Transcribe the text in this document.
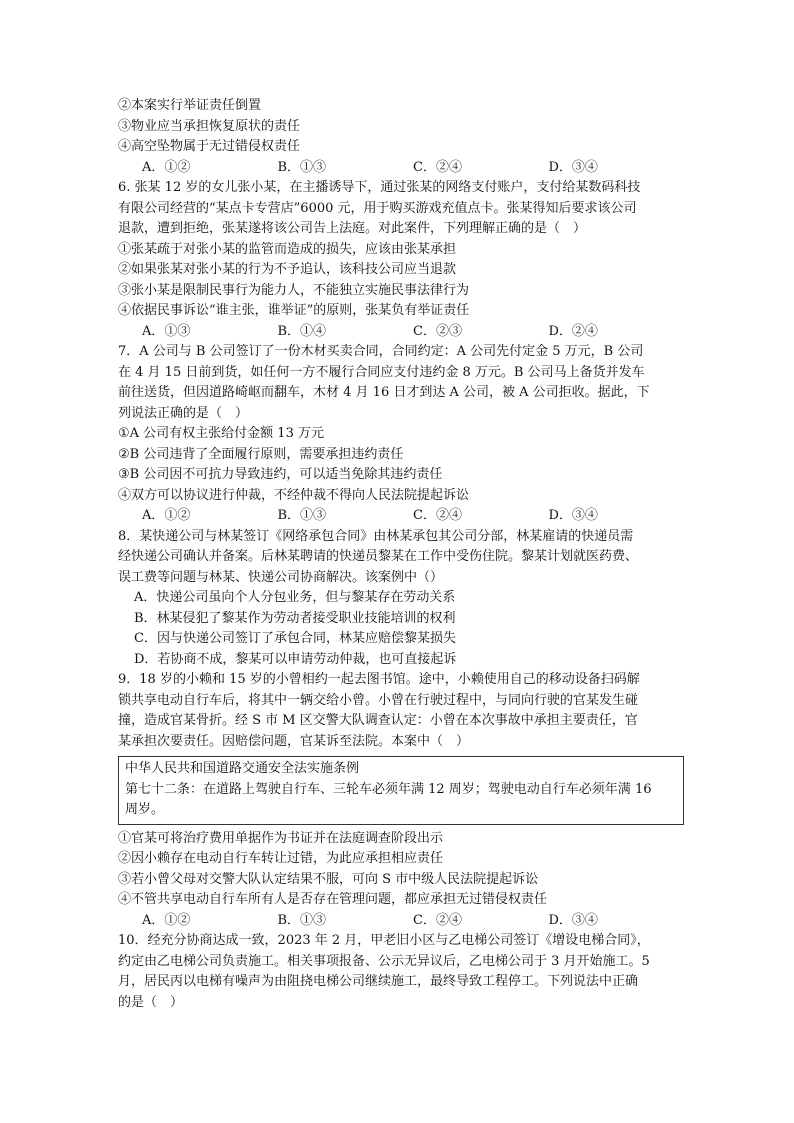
②本案实行举证责任倒置
③物业应当承担恢复原状的责任
④高空坠物属于无过错侵权责任
A．①②	B．①③	C．②④	D．③④
6. 张某 12 岁的女儿张小某，在主播诱导下，通过张某的网络支付账户，支付给某数码科技
有限公司经营的“某点卡专营店”6000 元，用于购买游戏充值点卡。张某得知后要求该公司
退款，遭到拒绝，张某遂将该公司告上法庭。对此案件，下列理解正确的是（　）
①张某疏于对张小某的监管而造成的损失，应该由张某承担
②如果张某对张小某的行为不予追认，该科技公司应当退款
③张小某是限制民事行为能力人，不能独立实施民事法律行为
④依据民事诉讼“谁主张，谁举证”的原则，张某负有举证责任
A．①③	B．①④	C．②③	D．②④
7．A 公司与 B 公司签订了一份木材买卖合同，合同约定：A 公司先付定金 5 万元，B 公司
在 4 月 15 日前到货，如任何一方不履行合同应支付违约金 8 万元。B 公司马上备货并发车
前往送货，但因道路崎岖而翻车，木材 4 月 16 日才到达 A 公司，被 A 公司拒收。据此，下
列说法正确的是（　）
①A 公司有权主张给付金额 13 万元
②B 公司违背了全面履行原则，需要承担违约责任
③B 公司因不可抗力导致违约，可以适当免除其违约责任
④双方可以协议进行仲裁，不经仲裁不得向人民法院提起诉讼
A．①②	B．①③	C．②④	D．③④
8．某快递公司与林某签订《网络承包合同》由林某承包其公司分部，林某雇请的快递员需
经快递公司确认并备案。后林某聘请的快递员黎某在工作中受伤住院。黎某计划就医药费、
误工费等问题与林某、快递公司协商解决。该案例中（）
A．快递公司虽向个人分包业务，但与黎某存在劳动关系
B．林某侵犯了黎某作为劳动者接受职业技能培训的权利
C．因与快递公司签订了承包合同，林某应赔偿黎某损失
D．若协商不成，黎某可以申请劳动仲裁，也可直接起诉
9．18 岁的小赖和 15 岁的小曾相约一起去图书馆。途中，小赖使用自己的移动设备扫码解
锁共享电动自行车后，将其中一辆交给小曾。小曾在行驶过程中，与同向行驶的官某发生碰
撞，造成官某骨折。经 S 市 M 区交警大队调查认定：小曾在本次事故中承担主要责任，官
某承担次要责任。因赔偿问题，官某诉至法院。本案中（　）
中华人民共和国道路交通安全法实施条例
第七十二条：在道路上驾驶自行车、三轮车必须年满 12 周岁；驾驶电动自行车必须年满 16
周岁。
①官某可将治疗费用单据作为书证并在法庭调查阶段出示
②因小赖存在电动自行车转让过错，为此应承担相应责任
③若小曾父母对交警大队认定结果不服，可向 S 市中级人民法院提起诉讼
④不管共享电动自行车所有人是否存在管理问题，都应承担无过错侵权责任
A．①②	B．①③	C．②④	D．③④
10．经充分协商达成一致，2023 年 2 月，甲老旧小区与乙电梯公司签订《增设电梯合同》，
约定由乙电梯公司负责施工。相关事项报备、公示无异议后，乙电梯公司于 3 月开始施工。5
月，居民丙以电梯有噪声为由阻挠电梯公司继续施工，最终导致工程停工。下列说法中正确
的是（　）
